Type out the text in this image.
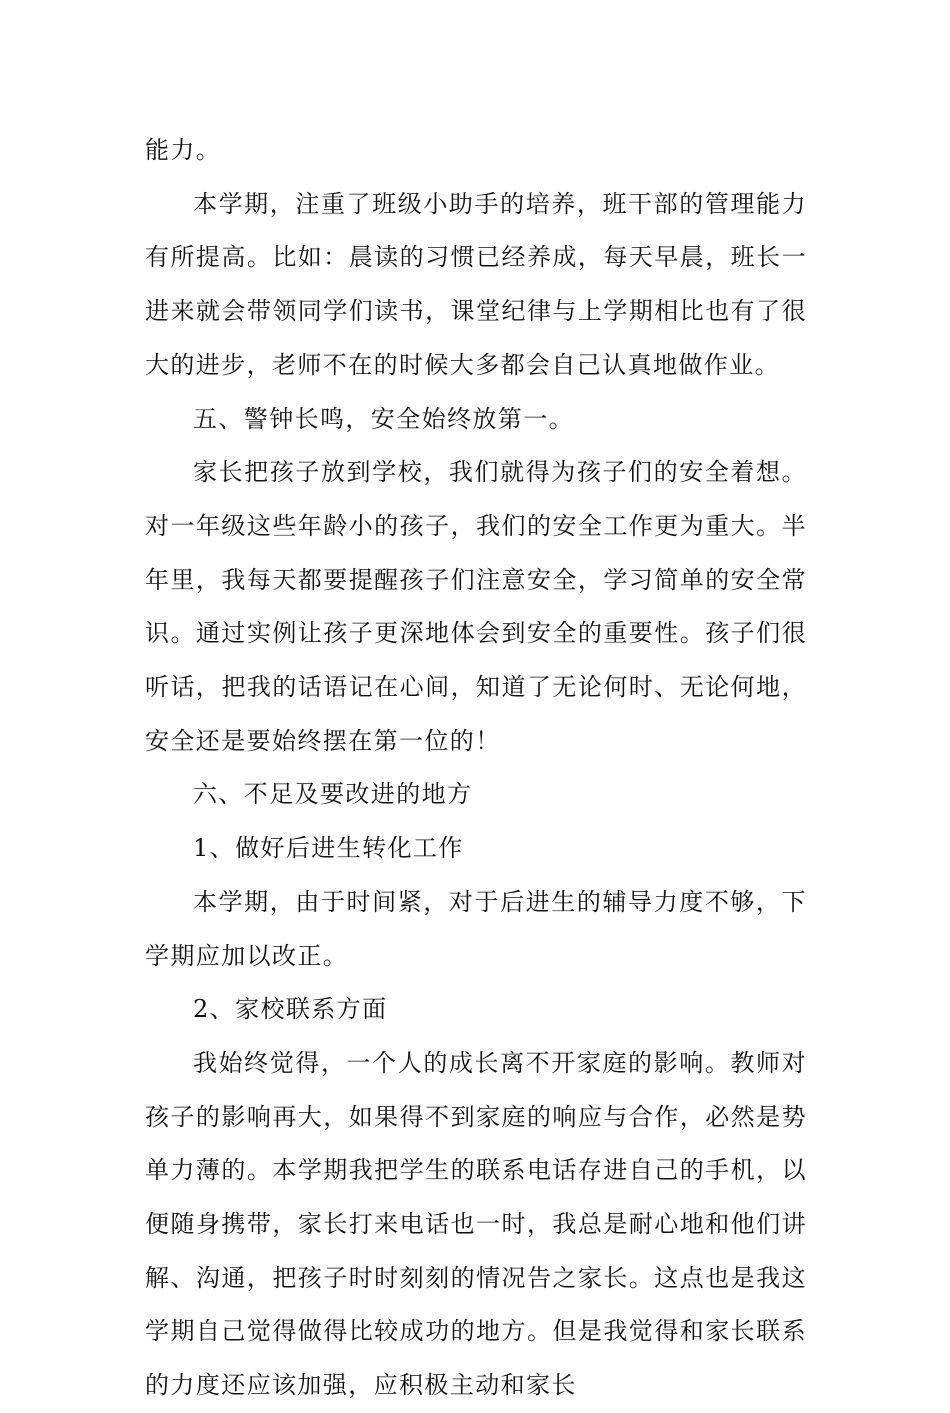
能力。

本学期，注重了班级小助手的培养，班干部的管理能力有所提高。比如：晨读的习惯已经养成，每天早晨，班长一进来就会带领同学们读书，课堂纪律与上学期相比也有了很大的进步，老师不在的时候大多都会自己认真地做作业。

五、警钟长鸣，安全始终放第一。

家长把孩子放到学校，我们就得为孩子们的安全着想。对一年级这些年龄小的孩子，我们的安全工作更为重大。半年里，我每天都要提醒孩子们注意安全，学习简单的安全常识。通过实例让孩子更深地体会到安全的重要性。孩子们很听话，把我的话语记在心间，知道了无论何时、无论何地，安全还是要始终摆在第一位的！

六、不足及要改进的地方

1、做好后进生转化工作

本学期，由于时间紧，对于后进生的辅导力度不够，下学期应加以改正。

2、家校联系方面

我始终觉得，一个人的成长离不开家庭的影响。教师对孩子的影响再大，如果得不到家庭的响应与合作，必然是势单力薄的。本学期我把学生的联系电话存进自己的手机，以便随身携带，家长打来电话也一时，我总是耐心地和他们讲解、沟通，把孩子时时刻刻的情况告之家长。这点也是我这学期自己觉得做得比较成功的地方。但是我觉得和家长联系的力度还应该加强，应积极主动和家长
